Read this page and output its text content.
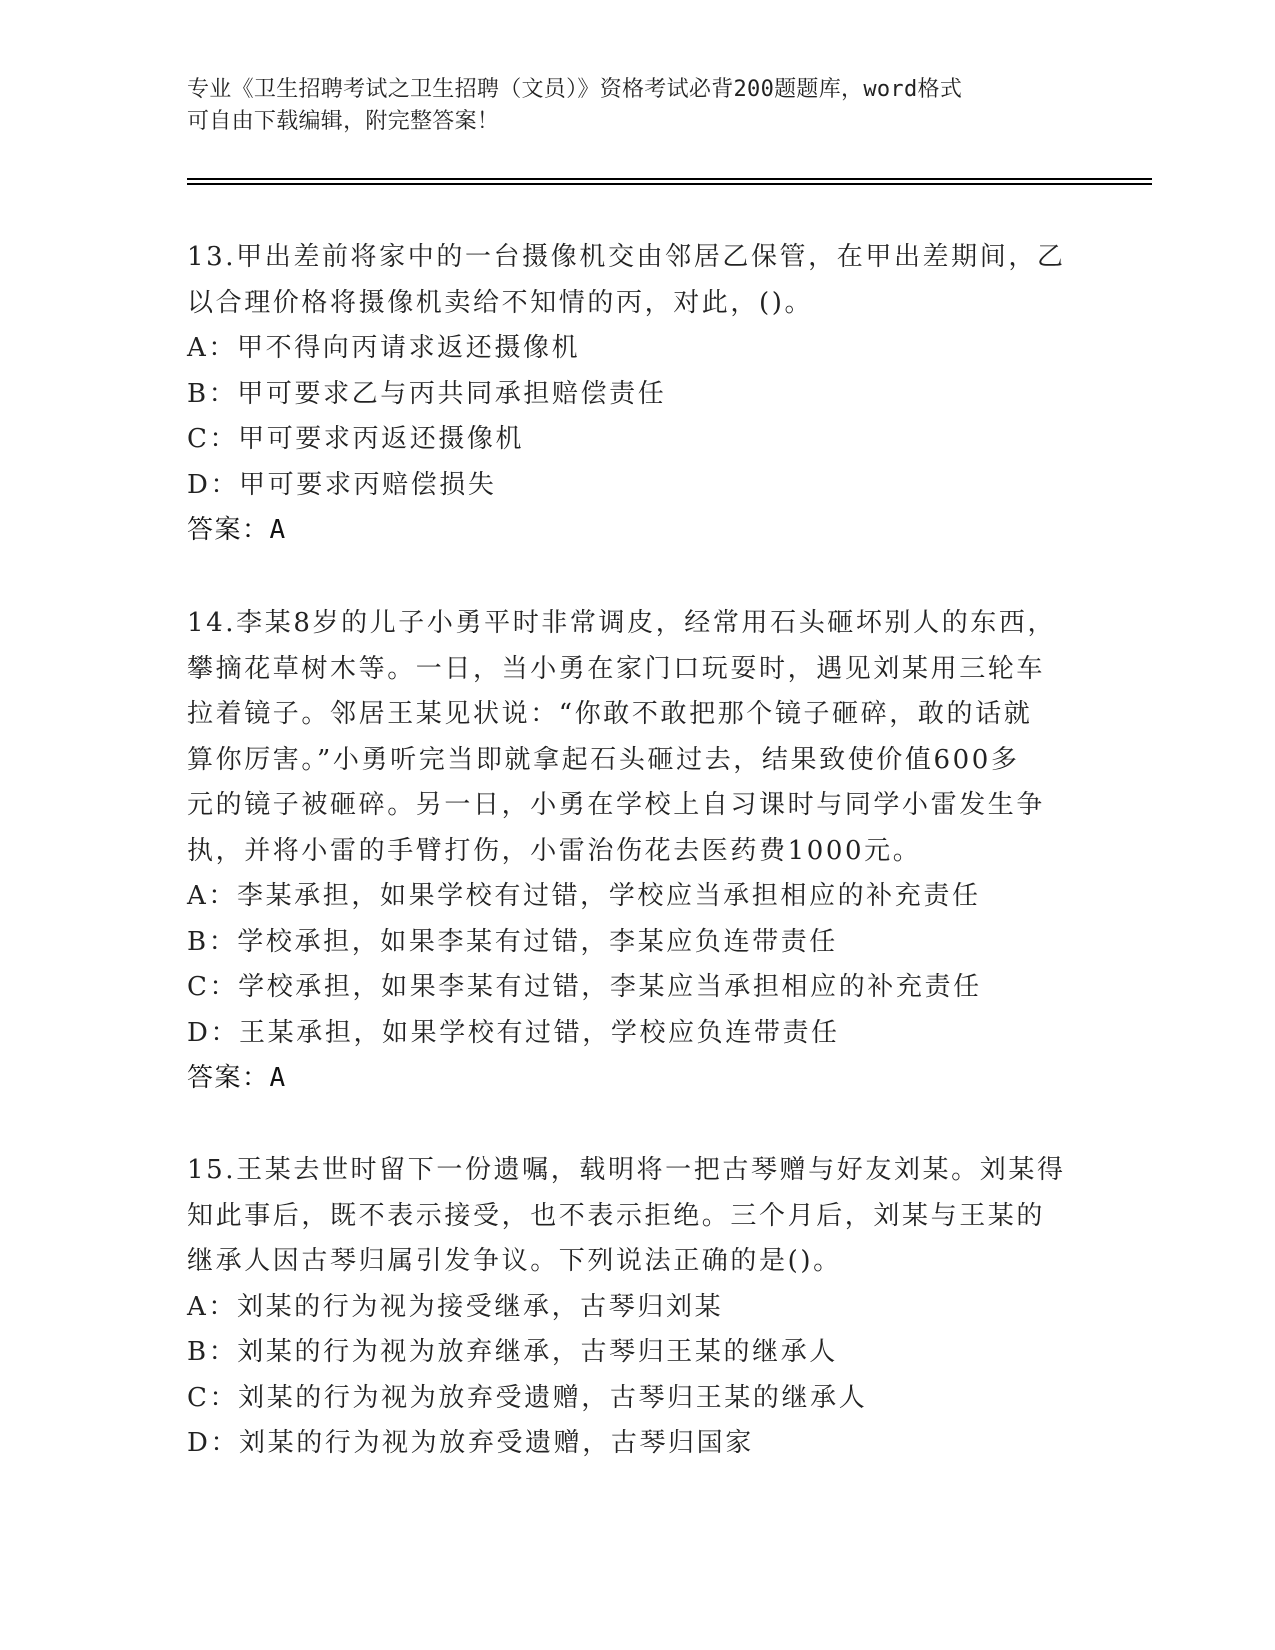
专业《卫生招聘考试之卫生招聘（文员）》资格考试必背200题题库，word格式
可自由下载编辑，附完整答案！
13.甲出差前将家中的一台摄像机交由邻居乙保管，在甲出差期间，乙
以合理价格将摄像机卖给不知情的丙，对此，()。
A：甲不得向丙请求返还摄像机
B：甲可要求乙与丙共同承担赔偿责任
C：甲可要求丙返还摄像机
D：甲可要求丙赔偿损失
答案：A
14.李某8岁的儿子小勇平时非常调皮，经常用石头砸坏别人的东西，
攀摘花草树木等。一日，当小勇在家门口玩耍时，遇见刘某用三轮车
拉着镜子。邻居王某见状说：“你敢不敢把那个镜子砸碎，敢的话就
算你厉害。”小勇听完当即就拿起石头砸过去，结果致使价值600多
元的镜子被砸碎。另一日，小勇在学校上自习课时与同学小雷发生争
执，并将小雷的手臂打伤，小雷治伤花去医药费1000元。
A：李某承担，如果学校有过错，学校应当承担相应的补充责任
B：学校承担，如果李某有过错，李某应负连带责任
C：学校承担，如果李某有过错，李某应当承担相应的补充责任
D：王某承担，如果学校有过错，学校应负连带责任
答案：A
15.王某去世时留下一份遗嘱，载明将一把古琴赠与好友刘某。刘某得
知此事后，既不表示接受，也不表示拒绝。三个月后，刘某与王某的
继承人因古琴归属引发争议。下列说法正确的是()。
A：刘某的行为视为接受继承，古琴归刘某
B：刘某的行为视为放弃继承，古琴归王某的继承人
C：刘某的行为视为放弃受遗赠，古琴归王某的继承人
D：刘某的行为视为放弃受遗赠，古琴归国家
